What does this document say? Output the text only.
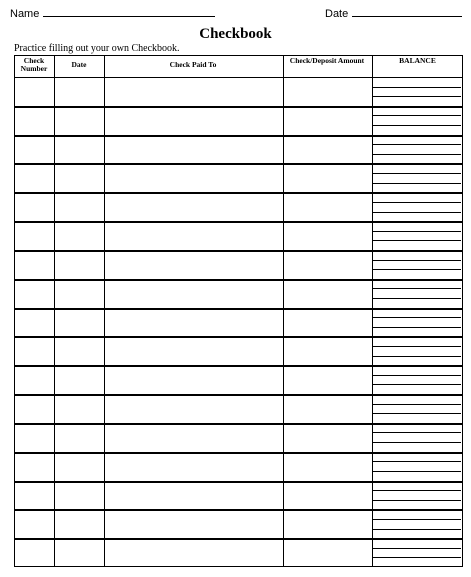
Name	Date
Checkbook
Practice filling out your own Checkbook.
Check Number	Date	Check Paid To	Check/Deposit Amount	BALANCE
